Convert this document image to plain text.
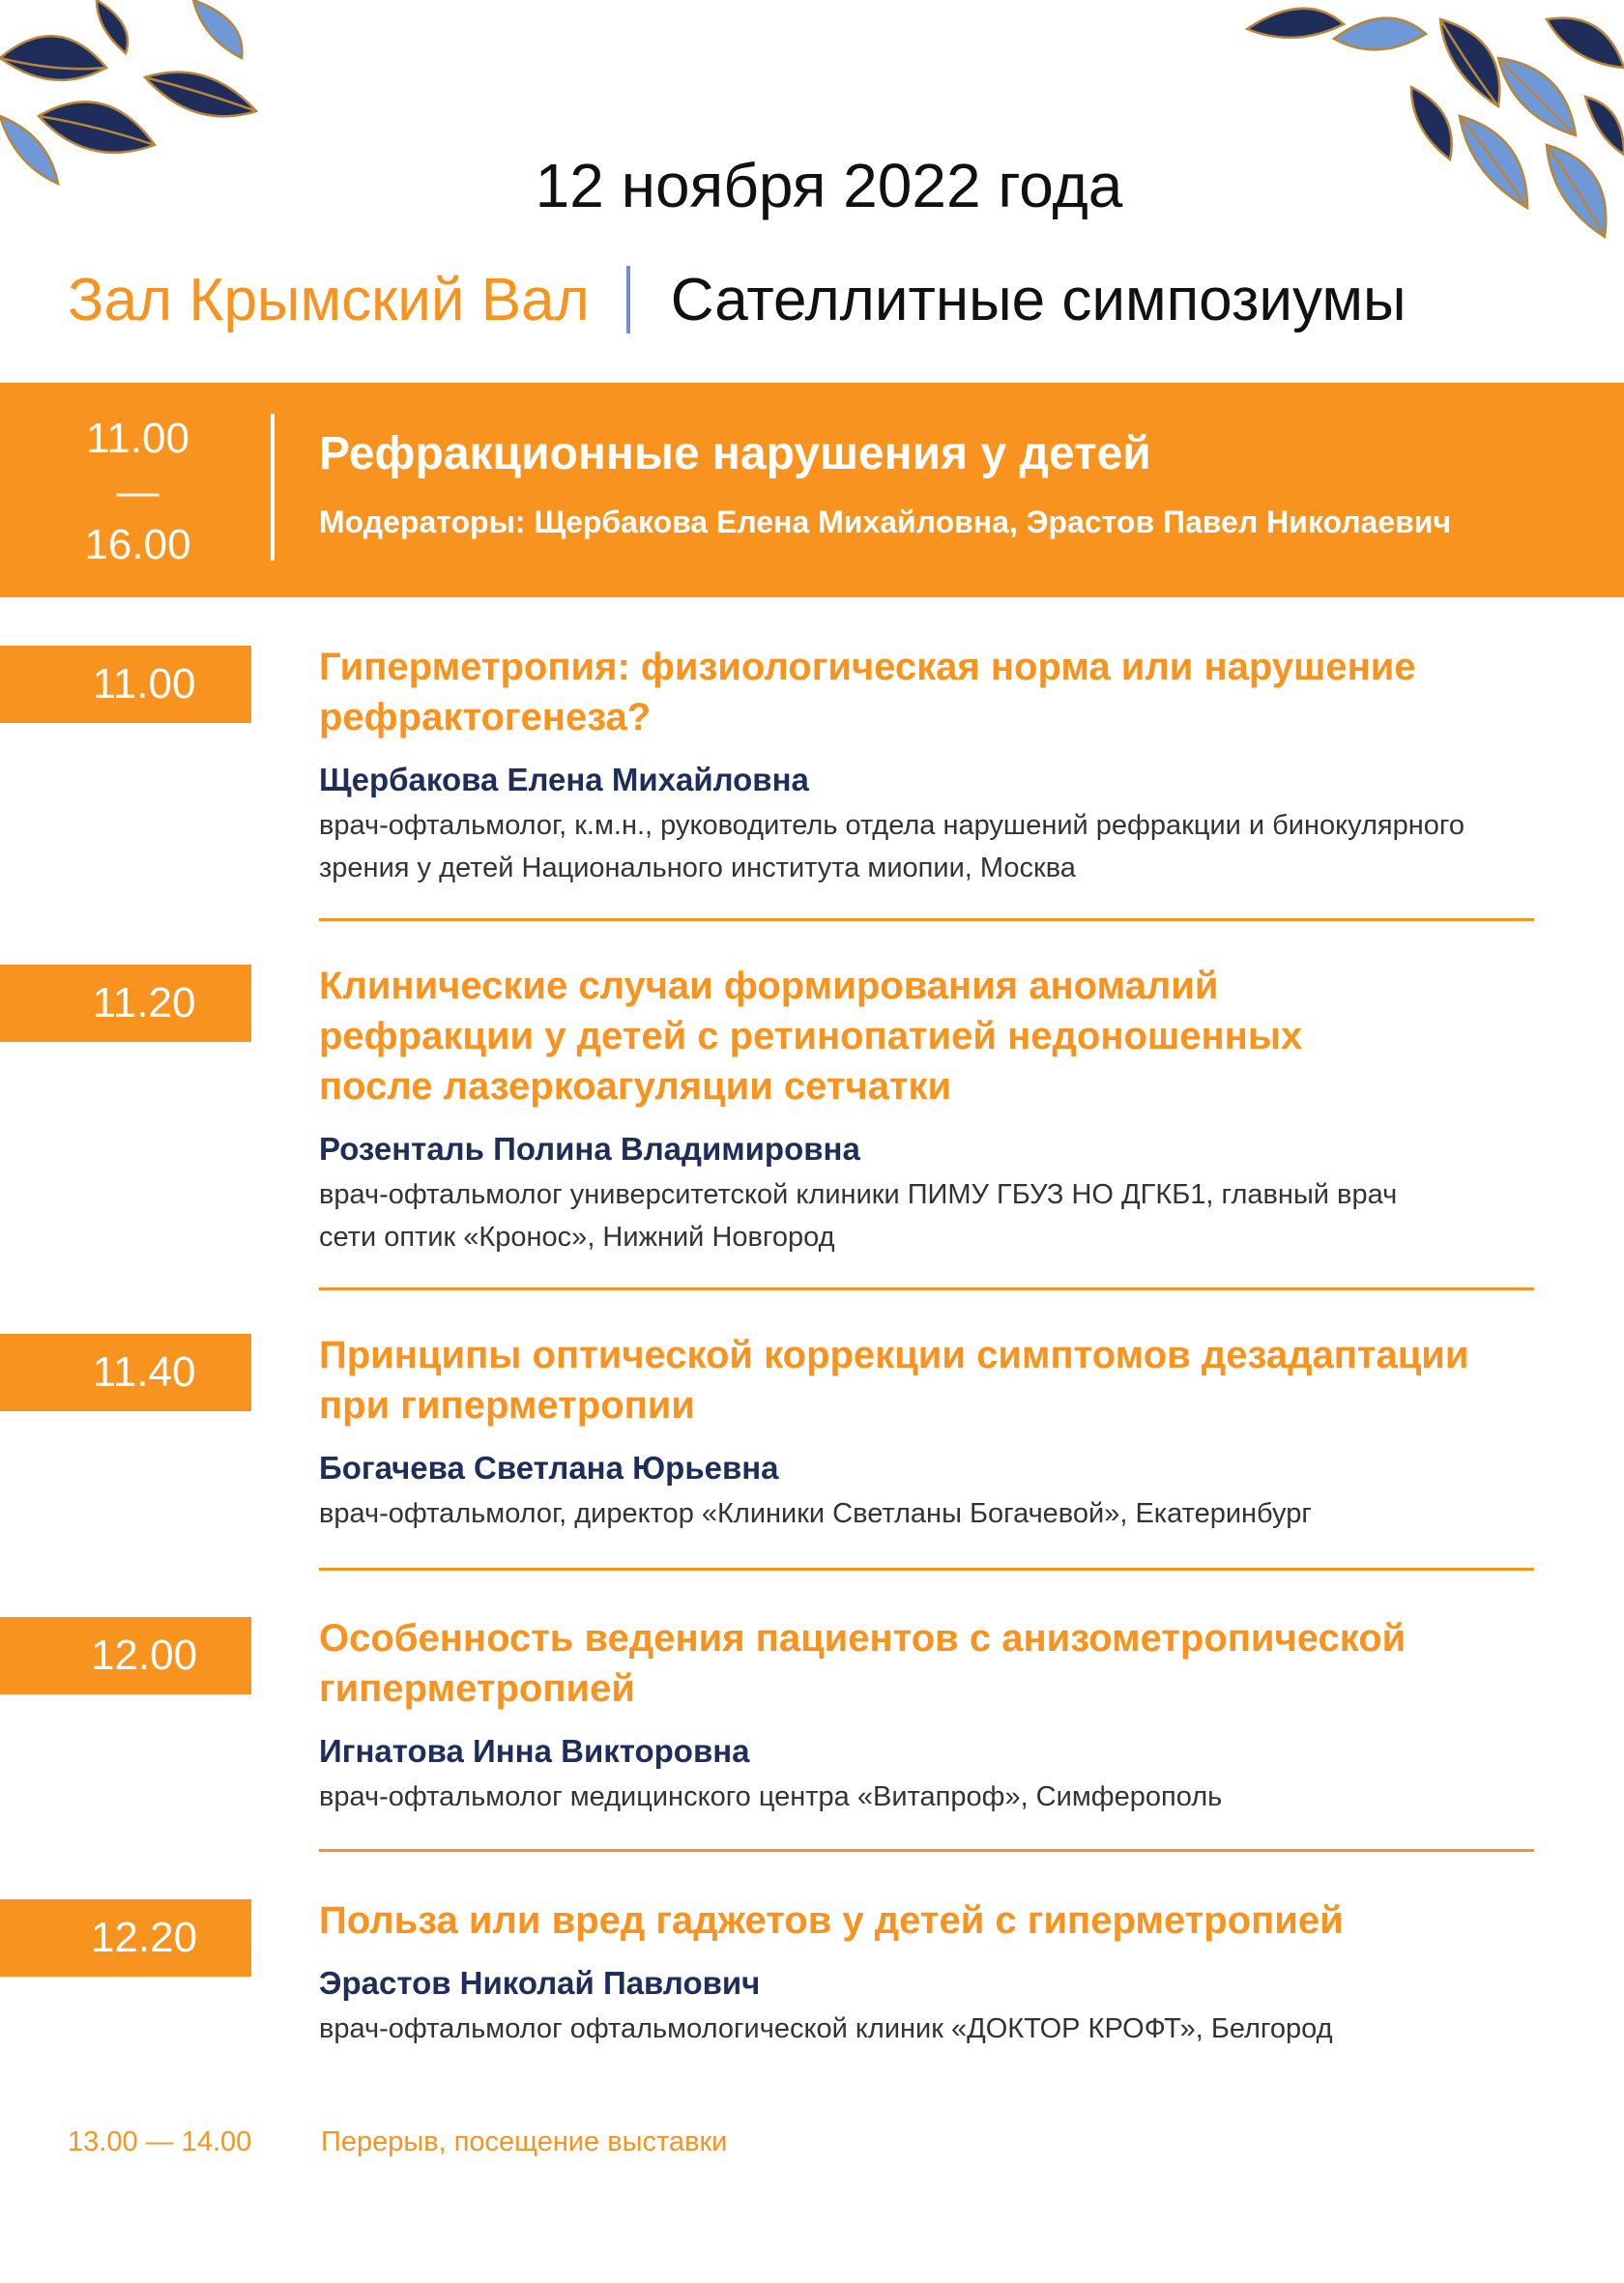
12 ноября 2022 года
Зал Крымский Вал Сателлитные симпозиумы
11.00
—
16.00
Рефракционные нарушения у детей
Модераторы: Щербакова Елена Михайловна, Эрастов Павел Николаевич
11.00	Гиперметропия: физиологическая норма или нарушение
рефрактогенеза?
Щербакова Елена Михайловна
врач-офтальмолог, к.м.н., руководитель отдела нарушений рефракции и бинокулярного
зрения у детей Национального института миопии, Москва
11.20	Клинические случаи формирования аномалий
рефракции у детей с ретинопатией недоношенных
после лазеркоагуляции сетчатки
Розенталь Полина Владимировна
врач-офтальмолог университетской клиники ПИМУ ГБУЗ НО ДГКБ1, главный врач
сети оптик «Кронос», Нижний Новгород
11.40	Принципы оптической коррекции симптомов дезадаптации
при гиперметропии
Богачева Светлана Юрьевна
врач-офтальмолог, директор «Клиники Светланы Богачевой», Екатеринбург
12.00	Особенность ведения пациентов с анизометропической
гиперметропией
Игнатова Инна Викторовна
врач-офтальмолог медицинского центра «Витапроф», Симферополь
12.20	Польза или вред гаджетов у детей с гиперметропией
Эрастов Николай Павлович
врач-офтальмолог офтальмологической клиник «ДОКТОР КРОФТ», Белгород
13.00 — 14.00	Перерыв, посещение выставки
